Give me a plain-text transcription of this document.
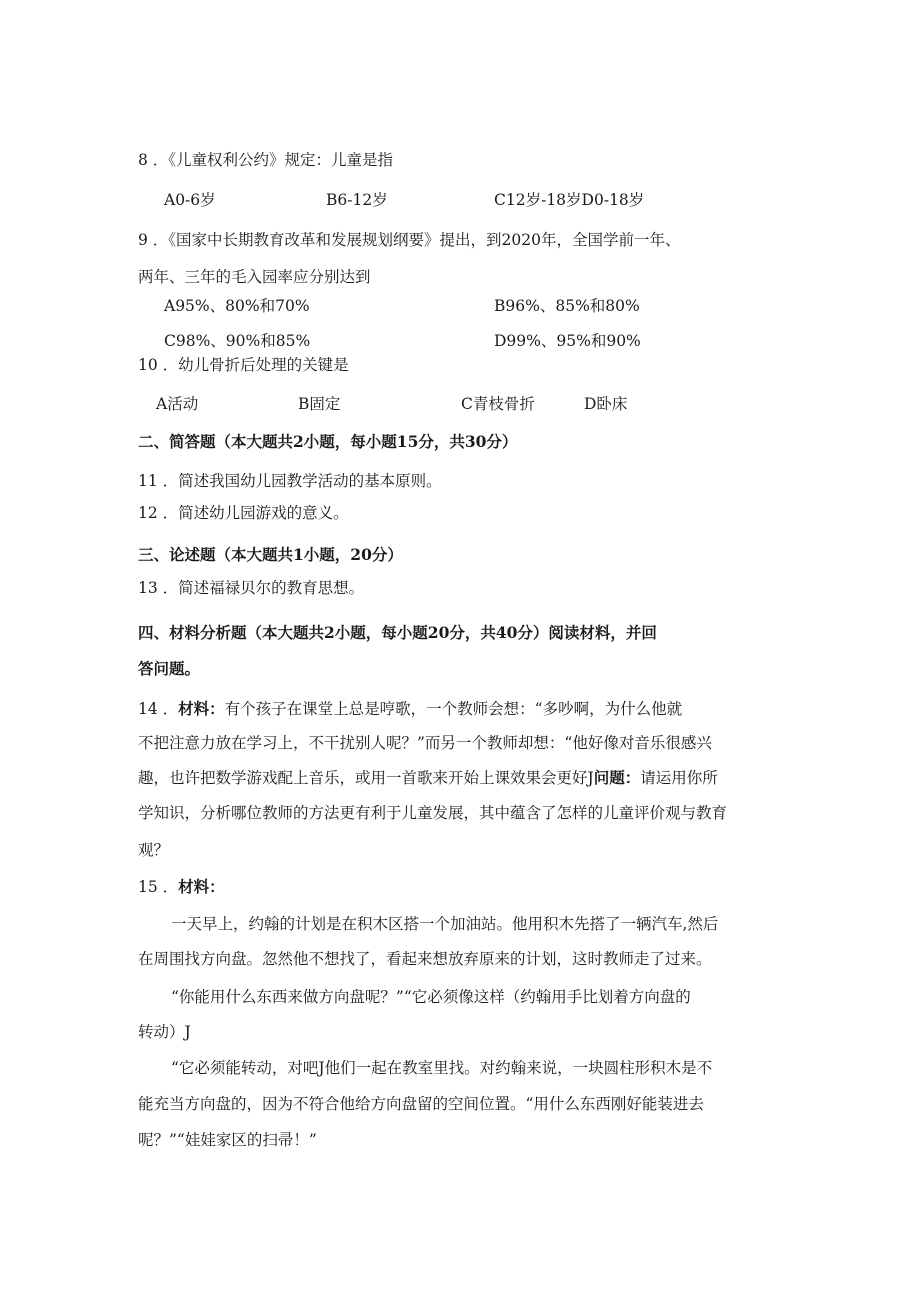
8 ．《儿童权利公约》规定：儿童是指
A0-6岁	B6-12岁	C12岁-18岁D0-18岁
9 ．《国家中长期教育改革和发展规划纲要》提出，到2020年，全国学前一年、
两年、三年的毛入园率应分别达到
A95%、80%和70%	B96%、85%和80%
C98%、90%和85%	D99%、95%和90%
10 ．幼儿骨折后处理的关键是
A活动	B固定	C青枝骨折	D卧床
二、简答题（本大题共2小题，每小题15分，共30分）
11 ．简述我国幼儿园教学活动的基本原则。
12 ．简述幼儿园游戏的意义。
三、论述题（本大题共1小题，20分）
13 ．简述福禄贝尔的教育思想。
四、材料分析题（本大题共2小题，每小题20分，共40分）阅读材料，并回
答问题。
14 ．材料：有个孩子在课堂上总是哼歌，一个教师会想：“多吵啊，为什么他就
不把注意力放在学习上，不干扰别人呢？”而另一个教师却想：“他好像对音乐很感兴
趣，也许把数学游戏配上音乐，或用一首歌来开始上课效果会更好J问题：请运用你所
学知识，分析哪位教师的方法更有利于儿童发展，其中蕴含了怎样的儿童评价观与教育
观？
15 ．材料：
一天早上，约翰的计划是在积木区搭一个加油站。他用积木先搭了一辆汽车,然后
在周围找方向盘。忽然他不想找了，看起来想放弃原来的计划，这时教师走了过来。
“你能用什么东西来做方向盘呢？”“它必须像这样（约翰用手比划着方向盘的
转动）J
“它必须能转动，对吧J他们一起在教室里找。对约翰来说，一块圆柱形积木是不
能充当方向盘的，因为不符合他给方向盘留的空间位置。“用什么东西刚好能装进去
呢？”“娃娃家区的扫帚！”
